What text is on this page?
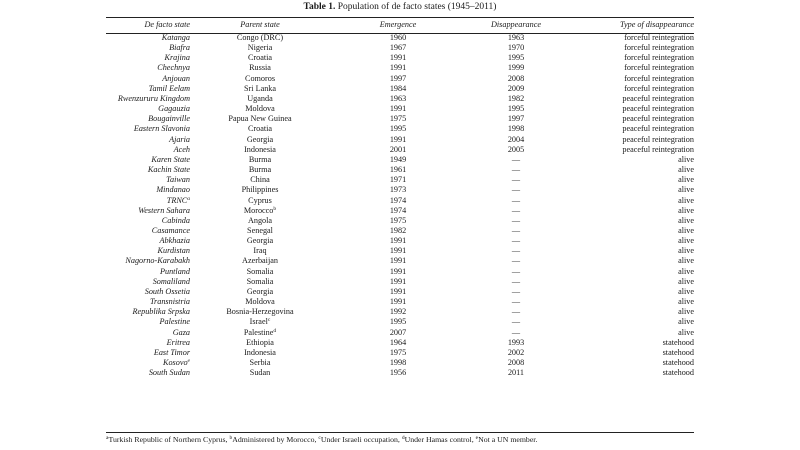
Table 1. Population of de facto states (1945–2011)
De facto state	Parent state	Emergence	Disappearance	Type of disappearance
Katanga	Congo (DRC)	1960	1963	forceful reintegration
Biafra	Nigeria	1967	1970	forceful reintegration
Krajina	Croatia	1991	1995	forceful reintegration
Chechnya	Russia	1991	1999	forceful reintegration
Anjouan	Comoros	1997	2008	forceful reintegration
Tamil Eelam	Sri Lanka	1984	2009	forceful reintegration
Rwenzururu Kingdom	Uganda	1963	1982	peaceful reintegration
Gagauzia	Moldova	1991	1995	peaceful reintegration
Bougainville	Papua New Guinea	1975	1997	peaceful reintegration
Eastern Slavonia	Croatia	1995	1998	peaceful reintegration
Ajaria	Georgia	1991	2004	peaceful reintegration
Aceh	Indonesia	2001	2005	peaceful reintegration
Karen State	Burma	1949	—	alive
Kachin State	Burma	1961	—	alive
Taiwan	China	1971	—	alive
Mindanao	Philippines	1973	—	alive
TRNC$^a$	Cyprus	1974	—	alive
Western Sahara	Morocco$^b$	1974	—	alive
Cabinda	Angola	1975	—	alive
Casamance	Senegal	1982	—	alive
Abkhazia	Georgia	1991	—	alive
Kurdistan	Iraq	1991	—	alive
Nagorno-Karabakh	Azerbaijan	1991	—	alive
Puntland	Somalia	1991	—	alive
Somaliland	Somalia	1991	—	alive
South Ossetia	Georgia	1991	—	alive
Transnistria	Moldova	1991	—	alive
Republika Srpska	Bosnia-Herzegovina	1992	—	alive
Palestine	Israel$^c$	1995	—	alive
Gaza	Palestine$^d$	2007	—	alive
Eritrea	Ethiopia	1964	1993	statehood
East Timor	Indonesia	1975	2002	statehood
Kosovo$^e$	Serbia	1998	2008	statehood
South Sudan	Sudan	1956	2011	statehood
$^a$Turkish Republic of Northern Cyprus, $^b$Administered by Morocco, $^c$Under Israeli occupation, $^d$Under Hamas control, $^e$Not a UN member.
